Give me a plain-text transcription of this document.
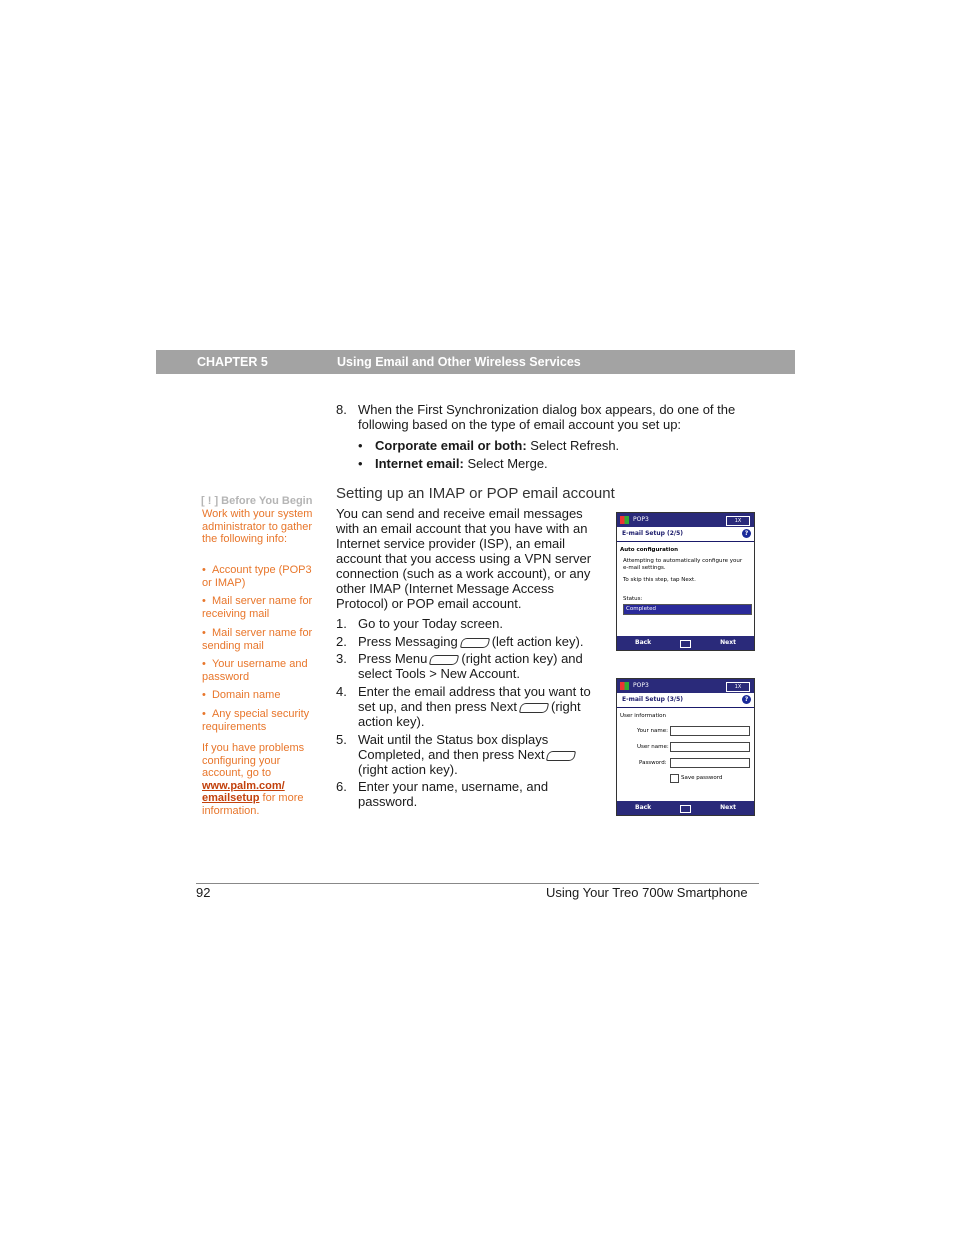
CHAPTER 5	Using Email and Other Wireless Services
8. When the First Synchronization dialog box appears, do one of the following based on the type of email account you set up:
• Corporate email or both: Select Refresh.
• Internet email: Select Merge.
Setting up an IMAP or POP email account
You can send and receive email messages with an email account that you have with an Internet service provider (ISP), an email account that you access using a VPN server connection (such as a work account), or any other IMAP (Internet Message Access Protocol) or POP email account.
1. Go to your Today screen.
2. Press Messaging	(left action key).
3. Press Menu	(right action key) and select Tools > New Account.
4. Enter the email address that you want to set up, and then press Next	(right action key).
5. Wait until the Status box displays Completed, and then press Next(right action key).
6. Enter your name, username, and password.
[ ! ] Before You Begin
Work with your system administrator to gather the following info:
•  Account type (POP3 or IMAP)
•  Mail server name for receiving mail
•  Mail server name for sending mail
•  Your username and password
•  Domain name
•  Any special security requirements
If you have problems configuring your account, go to www.palm.com/ emailsetup for more information.
POP3	1X
E-mail Setup (2/5)	?
Auto configuration
Attempting to automatically configure your e-mail settings.
To skip this step, tap Next.
Status:
Completed
Back	Next
POP3	1X
E-mail Setup (3/5)	?
User information
Your name:
User name:
Password:
Save password
Back	Next
92	Using Your Treo 700w Smartphone
